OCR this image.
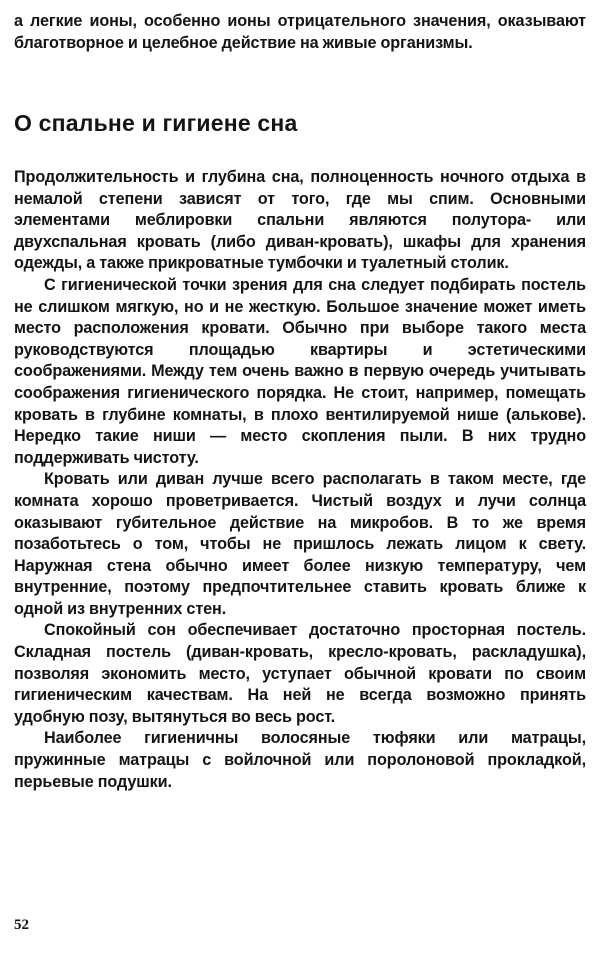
а легкие ионы, особенно ионы отрицательного значения, оказывают благотворное и целебное действие на живые организмы.

О спальне и гигиене сна

Продолжительность и глубина сна, полноценность ночного отдыха в немалой степени зависят от того, где мы спим. Основными элементами меблировки спальни являются полутора- или двухспальная кровать (либо диван-кровать), шкафы для хранения одежды, а также прикроватные тумбочки и туалетный столик.

С гигиенической точки зрения для сна следует подбирать постель не слишком мягкую, но и не жесткую. Большое значение может иметь место расположения кровати. Обычно при выборе такого места руководствуются площадью квартиры и эстетическими соображениями. Между тем очень важно в первую очередь учитывать соображения гигиенического порядка. Не стоит, например, помещать кровать в глубине комнаты, в плохо вентилируемой нише (алькове). Нередко такие ниши — место скопления пыли. В них трудно поддерживать чистоту.

Кровать или диван лучше всего располагать в таком месте, где комната хорошо проветривается. Чистый воздух и лучи солнца оказывают губительное действие на микробов. В то же время позаботьтесь о том, чтобы не пришлось лежать лицом к свету. Наружная стена обычно имеет более низкую температуру, чем внутренние, поэтому предпочтительнее ставить кровать ближе к одной из внутренних стен.

Спокойный сон обеспечивает достаточно просторная постель. Складная постель (диван-кровать, кресло-кровать, раскладушка), позволяя экономить место, уступает обычной кровати по своим гигиеническим качествам. На ней не всегда возможно принять удобную позу, вытянуться во весь рост.

Наиболее гигиеничны волосяные тюфяки или матрацы, пружинные матрацы с войлочной или поролоновой прокладкой, перьевые подушки.

52
